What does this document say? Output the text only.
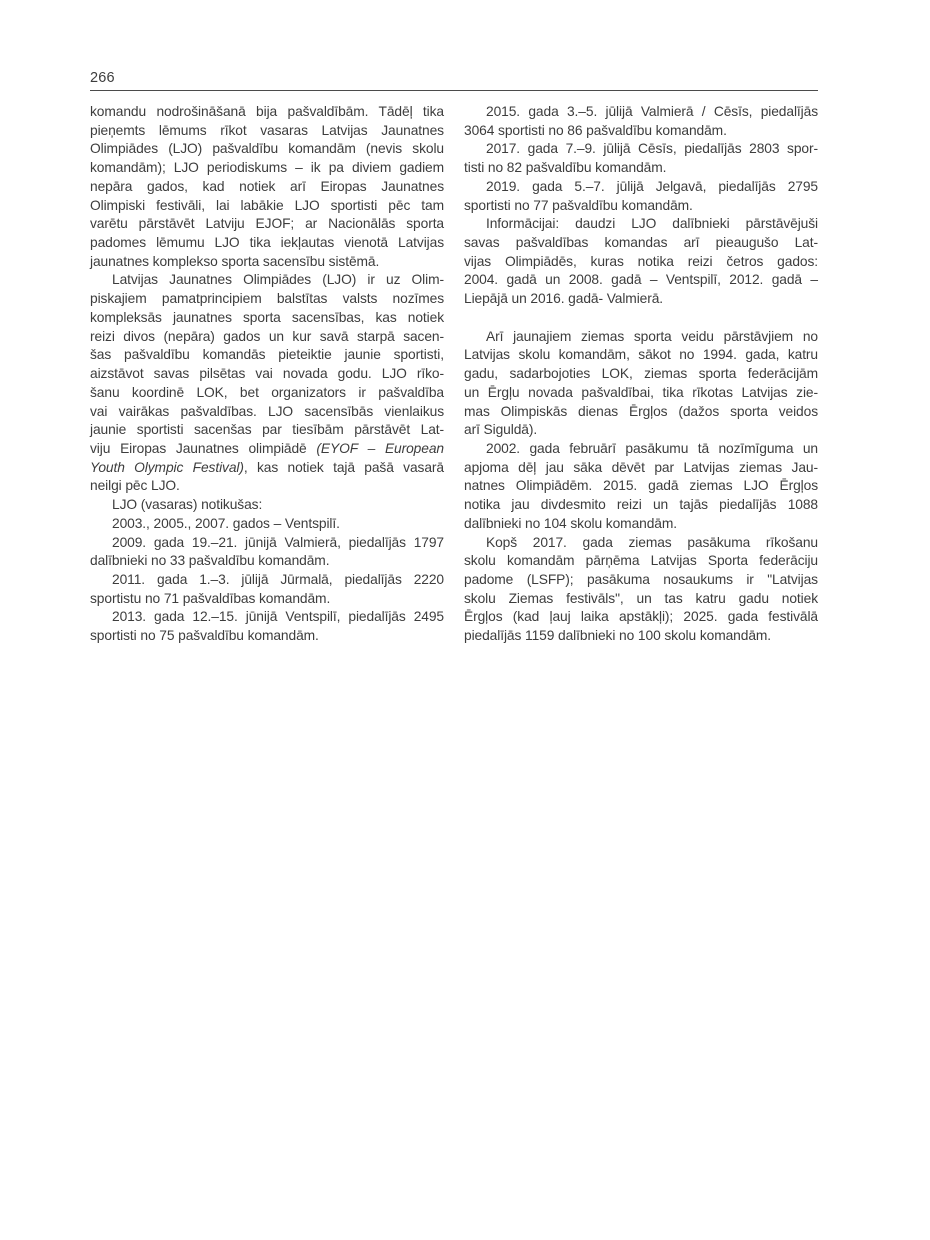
266
komandu nodrošināšanā bija pašvaldībām. Tādēļ tika
pieņemts lēmums rīkot vasaras Latvijas Jaunatnes
Olimpiādes (LJO) pašvaldību komandām (nevis skolu
komandām); LJO periodiskums – ik pa diviem gadiem
nepāra gados, kad notiek arī Eiropas Jaunatnes
Olimpiski festivāli, lai labākie LJO sportisti pēc tam
varētu pārstāvēt Latviju EJOF; ar Nacionālās sporta
padomes lēmumu LJO tika iekļautas vienotā Latvijas
jaunatnes komplekso sporta sacensību sistēmā.
Latvijas Jaunatnes Olimpiādes (LJO) ir uz Olim-
piskajiem pamatprincipiem balstītas valsts nozīmes
kompleksās jaunatnes sporta sacensības, kas notiek
reizi divos (nepāra) gados un kur savā starpā sacen-
šas pašvaldību komandās pieteiktie jaunie sportisti,
aizstāvot savas pilsētas vai novada godu. LJO rīko-
šanu koordinē LOK, bet organizators ir pašvaldība
vai vairākas pašvaldības. LJO sacensībās vienlaikus
jaunie sportisti sacenšas par tiesībām pārstāvēt Lat-
viju Eiropas Jaunatnes olimpiādē (EYOF – European
Youth Olympic Festival), kas notiek tajā pašā vasarā
neilgi pēc LJO.
LJO (vasaras) notikušas:
2003., 2005., 2007. gados – Ventspilī.
2009. gada 19.–21. jūnijā Valmierā, piedalījās 1797
dalībnieki no 33 pašvaldību komandām.
2011. gada 1.–3. jūlijā Jūrmalā, piedalījās 2220
sportistu no 71 pašvaldības komandām.
2013. gada 12.–15. jūnijā Ventspilī, piedalījās 2495
sportisti no 75 pašvaldību komandām.
2015. gada 3.–5. jūlijā Valmierā / Cēsīs, piedalījās
3064 sportisti no 86 pašvaldību komandām.
2017. gada 7.–9. jūlijā Cēsīs, piedalījās 2803 spor-
tisti no 82 pašvaldību komandām.
2019. gada 5.–7. jūlijā Jelgavā, piedalījās 2795
sportisti no 77 pašvaldību komandām.
Informācijai: daudzi LJO dalībnieki pārstāvējuši
savas pašvaldības komandas arī pieaugušo Lat-
vijas Olimpiādēs, kuras notika reizi četros gados:
2004. gadā un 2008. gadā – Ventspilī, 2012. gadā –
Liepājā un 2016. gadā- Valmierā.
Arī jaunajiem ziemas sporta veidu pārstāvjiem no
Latvijas skolu komandām, sākot no 1994. gada, katru
gadu, sadarbojoties LOK, ziemas sporta federācijām
un Ērgļu novada pašvaldībai, tika rīkotas Latvijas zie-
mas Olimpiskās dienas Ērgļos (dažos sporta veidos
arī Siguldā).
2002. gada februārī pasākumu tā nozīmīguma un
apjoma dēļ jau sāka dēvēt par Latvijas ziemas Jau-
natnes Olimpiādēm. 2015. gadā ziemas LJO Ērgļos
notika jau divdesmito reizi un tajās piedalījās 1088
dalībnieki no 104 skolu komandām.
Kopš 2017. gada ziemas pasākuma rīkošanu
skolu komandām pārņēma Latvijas Sporta federāciju
padome (LSFP); pasākuma nosaukums ir "Latvijas
skolu Ziemas festivāls", un tas katru gadu notiek
Ērgļos (kad ļauj laika apstākļi); 2025. gada festivālā
piedalījās 1159 dalībnieki no 100 skolu komandām.
